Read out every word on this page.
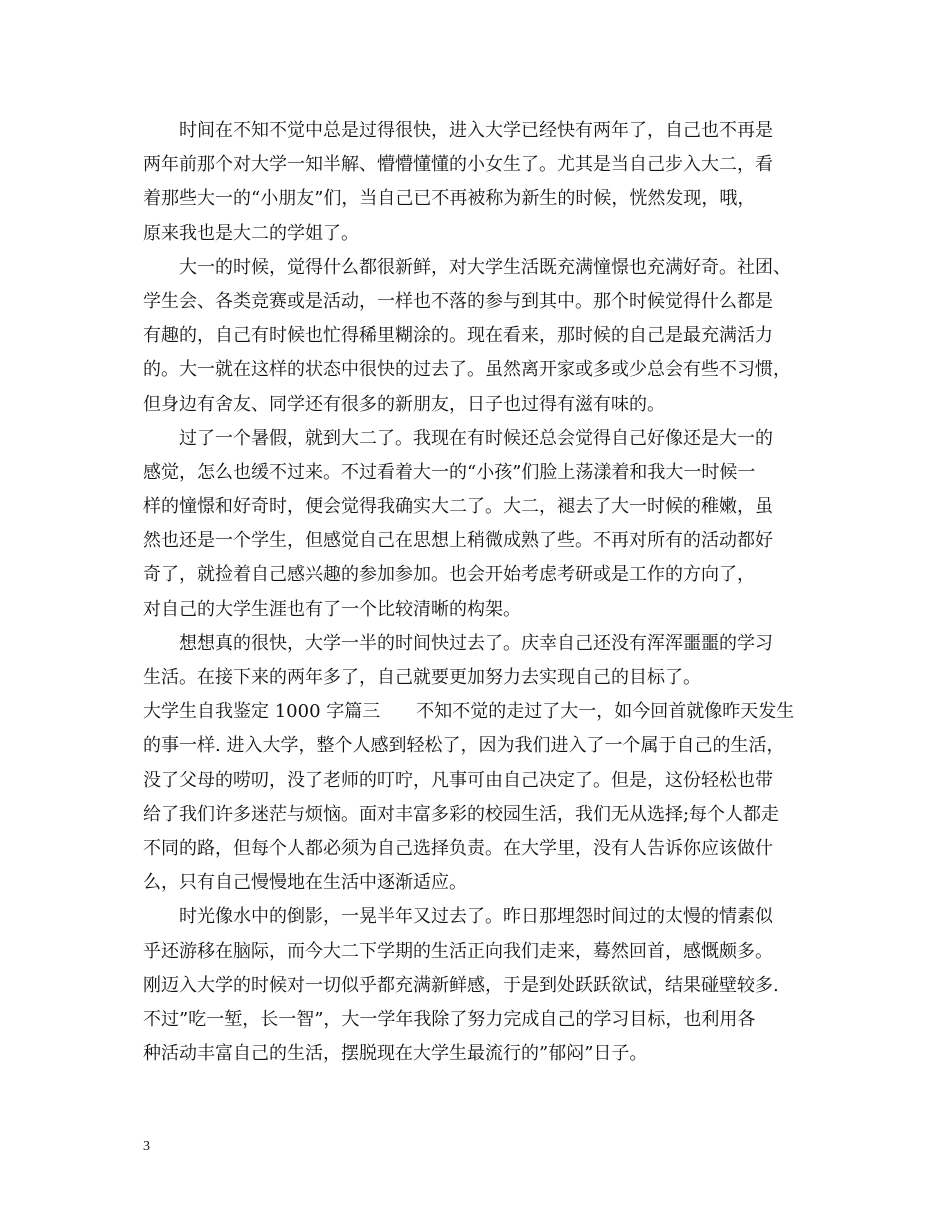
时间在不知不觉中总是过得很快，进入大学已经快有两年了，自己也不再是
两年前那个对大学一知半解、懵懵懂懂的小女生了。尤其是当自己步入大二，看
着那些大一的“小朋友”们，当自己已不再被称为新生的时候，恍然发现，哦，
原来我也是大二的学姐了。
大一的时候，觉得什么都很新鲜，对大学生活既充满憧憬也充满好奇。社团、
学生会、各类竞赛或是活动，一样也不落的参与到其中。那个时候觉得什么都是
有趣的，自己有时候也忙得稀里糊涂的。现在看来，那时候的自己是最充满活力
的。大一就在这样的状态中很快的过去了。虽然离开家或多或少总会有些不习惯，
但身边有舍友、同学还有很多的新朋友，日子也过得有滋有味的。
过了一个暑假，就到大二了。我现在有时候还总会觉得自己好像还是大一的
感觉，怎么也缓不过来。不过看着大一的“小孩”们脸上荡漾着和我大一时候一
样的憧憬和好奇时，便会觉得我确实大二了。大二，褪去了大一时候的稚嫩，虽
然也还是一个学生，但感觉自己在思想上稍微成熟了些。不再对所有的活动都好
奇了，就捡着自己感兴趣的参加参加。也会开始考虑考研或是工作的方向了，
对自己的大学生涯也有了一个比较清晰的构架。
想想真的很快，大学一半的时间快过去了。庆幸自己还没有浑浑噩噩的学习
生活。在接下来的两年多了，自己就要更加努力去实现自己的目标了。
大学生自我鉴定 1000 字篇三　　不知不觉的走过了大一，如今回首就像昨天发生
的事一样. 进入大学，整个人感到轻松了，因为我们进入了一个属于自己的生活，
没了父母的唠叨，没了老师的叮咛，凡事可由自己决定了。但是，这份轻松也带
给了我们许多迷茫与烦恼。面对丰富多彩的校园生活，我们无从选择;每个人都走
不同的路，但每个人都必须为自己选择负责。在大学里，没有人告诉你应该做什
么，只有自己慢慢地在生活中逐渐适应。
时光像水中的倒影，一晃半年又过去了。昨日那埋怨时间过的太慢的情素似
乎还游移在脑际，而今大二下学期的生活正向我们走来，蓦然回首，感慨颇多。
刚迈入大学的时候对一切似乎都充满新鲜感，于是到处跃跃欲试，结果碰壁较多.
不过”吃一堑，长一智”，大一学年我除了努力完成自己的学习目标，也利用各
种活动丰富自己的生活，摆脱现在大学生最流行的”郁闷”日子。
3
